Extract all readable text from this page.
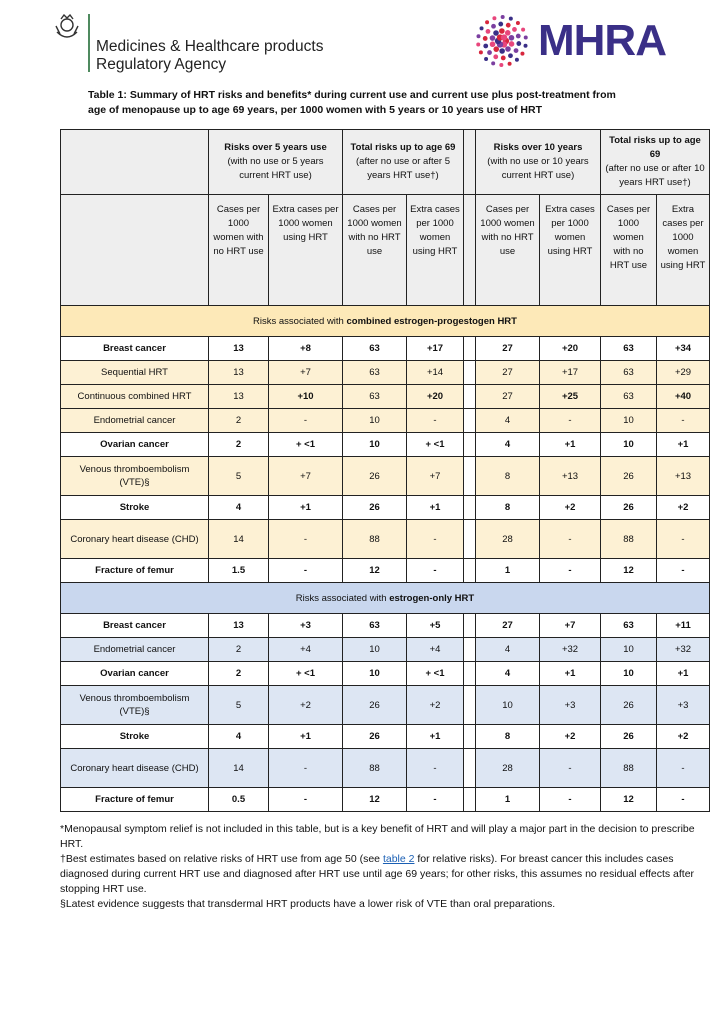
Medicines & Healthcare products
Regulatory Agency	MHRA
Table 1: Summary of HRT risks and benefits* during current use and current use plus post-treatment from
age of menopause up to age 69 years, per 1000 women with 5 years or 10 years use of HRT
	Risks over 5 years use
(with no use or 5 years current HRT use)		Total risks up to age 69
(after no use or after 5 years HRT use†)			Risks over 10 years
(with no use or 10 years current HRT use)		Total risks up to age 69
(after no use or after 10 years HRT use†)	
	Cases per 1000 women with no HRT use	Extra cases per 1000 women using HRT	Cases per 1000 women with no HRT use	Extra cases per 1000 women using HRT		Cases per 1000 women with no HRT use	Extra cases per 1000 women using HRT	Cases per 1000 women with no HRT use	Extra cases per 1000 women using HRT
Risks associated with combined estrogen-progestogen HRT									
Breast cancer	13	+8	63	+17		27	+20	63	+34
Sequential HRT	13	+7	63	+14		27	+17	63	+29
Continuous combined HRT	13	+10	63	+20		27	+25	63	+40
Endometrial cancer	2	-	10	-		4	-	10	-
Ovarian cancer	2	+ <1	10	+ <1		4	+1	10	+1
Venous thromboembolism (VTE)§	5	+7	26	+7		8	+13	26	+13
Stroke	4	+1	26	+1		8	+2	26	+2
Coronary heart disease (CHD)	14	-	88	-		28	-	88	-
Fracture of femur	1.5	-	12	-		1	-	12	-
Risks associated with estrogen-only HRT									
Breast cancer	13	+3	63	+5		27	+7	63	+11
Endometrial cancer	2	+4	10	+4		4	+32	10	+32
Ovarian cancer	2	+ <1	10	+ <1		4	+1	10	+1
Venous thromboembolism (VTE)§	5	+2	26	+2		10	+3	26	+3
Stroke	4	+1	26	+1		8	+2	26	+2
Coronary heart disease (CHD)	14	-	88	-		28	-	88	-
Fracture of femur	0.5	-	12	-		1	-	12	-

*Menopausal symptom relief is not included in this table, but is a key benefit of HRT and will play a major part in the decision to prescribe HRT.

†Best estimates based on relative risks of HRT use from age 50 (see table 2 for relative risks). For breast cancer this includes cases diagnosed during current HRT use and diagnosed after HRT use until age 69 years; for other risks, this assumes no residual effects after stopping HRT use.

§Latest evidence suggests that transdermal HRT products have a lower risk of VTE than oral preparations.
